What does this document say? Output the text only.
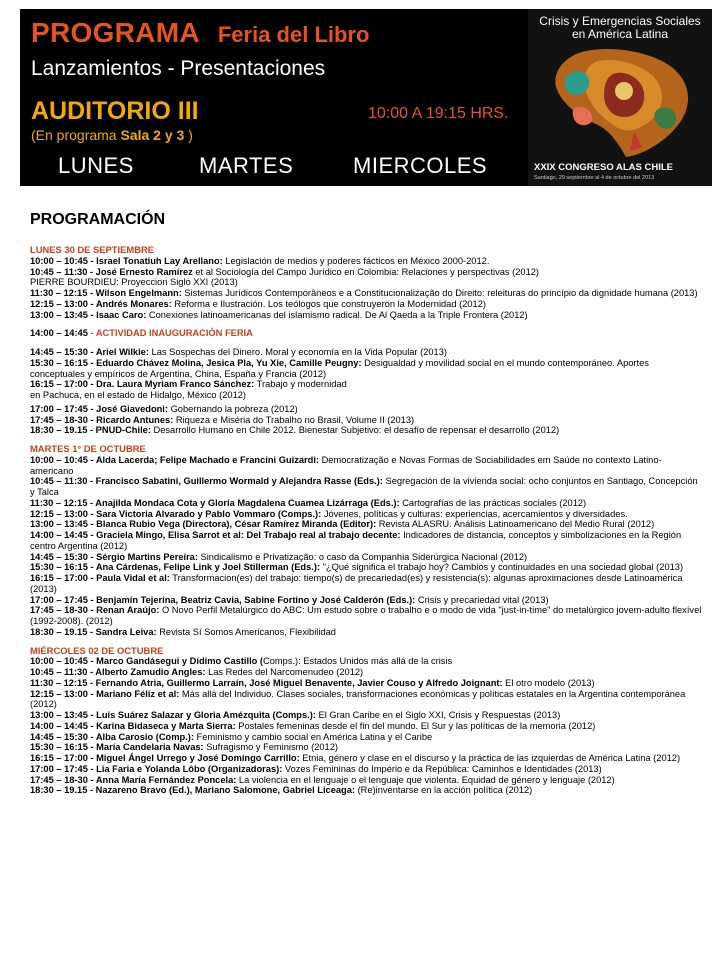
PROGRAMA Feria del Libro
Lanzamientos - Presentaciones
AUDITORIO III	10:00 A 19:15 HRS.
(En programa Sala 2 y 3 )
LUNES	MARTES	MIERCOLES
Crisis y Emergencias Sociales
en América Latina
XXIX CONGRESO ALAS CHILE
Santiago, 29 septiembre al 4 de octubre del 2013
PROGRAMACIÓN
LUNES 30 DE SEPTIEMBRE

10:00 – 10:45 - Israel Tonatiuh Lay Arellano: Legislación de medios y poderes fácticos en México 2000-2012.

10:45 – 11:30 - José Ernesto Ramírez et al Sociología del Campo Jurídico en Colombia: Relaciones y perspectivas (2012)

PIERRE BOURDIEU: Proyeccion Siglo XXI (2013)

11:30 – 12:15 - Wilson Engelmann: Sistemas Jurídicos Contemporâneos e a Constitucionalização do Direito: releituras do princípio da dignidade humana (2013)

12:15 – 13:00 - Andrés Monares: Reforma e Ilustración. Los teólogos que construyeron la Modernidad (2012)

13:00 – 13:45 - Isaac Caro: Conexiones latinoamericanas del islamismo radical. De Al Qaeda a la Triple Frontera (2012)

14:00 – 14:45 - ACTIVIDAD INAUGURACIÓN FERIA

14:45 – 15:30 - Ariel Wilkie: Las Sospechas del Dinero. Moral y economía en la Vida Popular (2013)

15:30 – 16:15 - Eduardo Chávez Molina, Jesica Pla, Yu Xie, Camille Peugny: Desigualdad y movilidad social en el mundo contemporáneo. Aportes conceptuales y empíricos de Argentina, China, España y Francia (2012)

16:15 – 17:00 - Dra. Laura Myriam Franco Sánchez: Trabajo y modernidad

en Pachuca, en el estado de Hidalgo, México (2012)

17:00 – 17:45 - José Giavedoni: Gobernando la pobreza (2012)

17:45 – 18-30 - Ricardo Antunes: Riqueza e Miséria do Trabalho no Brasil, Volume II (2013)

18:30 – 19.15 - PNUD-Chile: Desarrollo Humano en Chile 2012. Bienestar Subjetivo: el desafío de repensar el desarrollo (2012)

MARTES 1° DE OCTUBRE

10:00 – 10:45 - Alda Lacerda; Felipe Machado e Francini Guizardi: Democratização e Novas Formas de Sociabilidades em Saúde no contexto Latino-americano

10:45 – 11:30 - Francisco Sabatini, Guillermo Wormald y Alejandra Rasse (Eds.): Segregación de la vivienda social: ocho conjuntos en Santiago, Concepción y Talca

11:30 – 12:15 - Anajilda Mondaca Cota y Gloria Magdalena Cuamea Lizárraga (Eds.): Cartografías de las prácticas sociales (2012)

12:15 – 13:00 - Sara Victoria Alvarado y Pablo Vommaro (Comps.): Jóvenes, políticas y culturas: experiencias, acercamientos y diversidades.

13:00 – 13:45 - Blanca Rubio Vega (Directora), César Ramírez Miranda (Editor): Revista ALASRU. Análisis Latinoamericano del Medio Rural (2012)

14:00 – 14:45 - Graciela Mingo, Elisa Sarrot et al: Del Trabajo real al trabajo decente: Indicadores de distancia, conceptos y simbolizaciones en la Región centro Argentina (2012)

14:45 – 15:30 - Sérgio Martins Pereira: Sindicalismo e Privatização: o caso da Companhia Siderúrgica Nacional (2012)

15:30 – 16:15 - Ana Cárdenas, Felipe Link y Joel Stillerman (Eds.): "¿Qué significa el trabajo hoy? Cambios y continuidades en una sociedad global (2013)

16:15 – 17:00 - Paula Vidal et al: Transformacion(es) del trabajo: tiempo(s) de precariedad(es) y resistencia(s): algunas aproximaciones desde Latinoamérica (2013)

17:00 – 17:45 - Benjamín Tejerina, Beatriz Cavia, Sabine Fortino y José Calderón (Eds.): Crisis y precariedad vital (2013)

17:45 – 18-30 - Renan Araújo: O Novo Perfil Metalúrgico do ABC: Um estudo sobre o trabalho e o modo de vida "just-in-time" do metalúrgico jovem-adulto flexível (1992-2008). (2012)

18:30 – 19.15 - Sandra Leiva: Revista Sí Somos Americanos, Flexibilidad

MIÉRCOLES 02 DE OCTUBRE

10:00 – 10:45 - Marco Gandásegui y Dídimo Castillo (Comps.): Estados Unidos más allá de la crisis

10:45 – 11:30 - Alberto Zamudio Angles: Las Redes del Narcomenudeo (2012)

11:30 – 12:15 - Fernando Atria, Guillermo Larraín, José Miguel Benavente, Javier Couso y Alfredo Joignant: El otro modelo (2013)

12:15 – 13:00 - Mariano Féliz et al: Más allá del Individuo. Clases sociales, transformaciones económicas y políticas estatales en la Argentina contemporánea (2012)

13:00 – 13:45 - Luis Suárez Salazar y Gloria Amézquita (Comps.): El Gran Caribe en el Siglo XXI, Crisis y Respuestas (2013)

14:00 – 14:45 - Karina Bidaseca y Marta Sierra: Postales femeninas desde el fin del mundo. El Sur y las políticas de la memoria (2012)

14:45 – 15:30 - Alba Carosio (Comp.): Feminismo y cambio social en América Latina y el Caribe

15:30 – 16:15 - María Candelaria Navas: Sufragismo y Feminismo (2012)

16:15 – 17:00 - Miguel Ángel Urrego y José Domingo Carrillo: Etnia, género y clase en el discurso y la práctica de las izquierdas de América Latina (2012)

17:00 – 17:45 - Lia Faria e Yolanda Lôbo (Organizadoras): Vozes Femininas do Império e da República: Caminhos e Identidades (2013)

17:45 – 18-30 - Anna María Fernández Poncela: La violencia en el lenguaje o el lenguaje que violenta. Equidad de género y lenguaje (2012)

18:30 – 19.15 - Nazareno Bravo (Ed.), Mariano Salomone, Gabriel Liceaga: (Re)inventarse en la acción política (2012)
